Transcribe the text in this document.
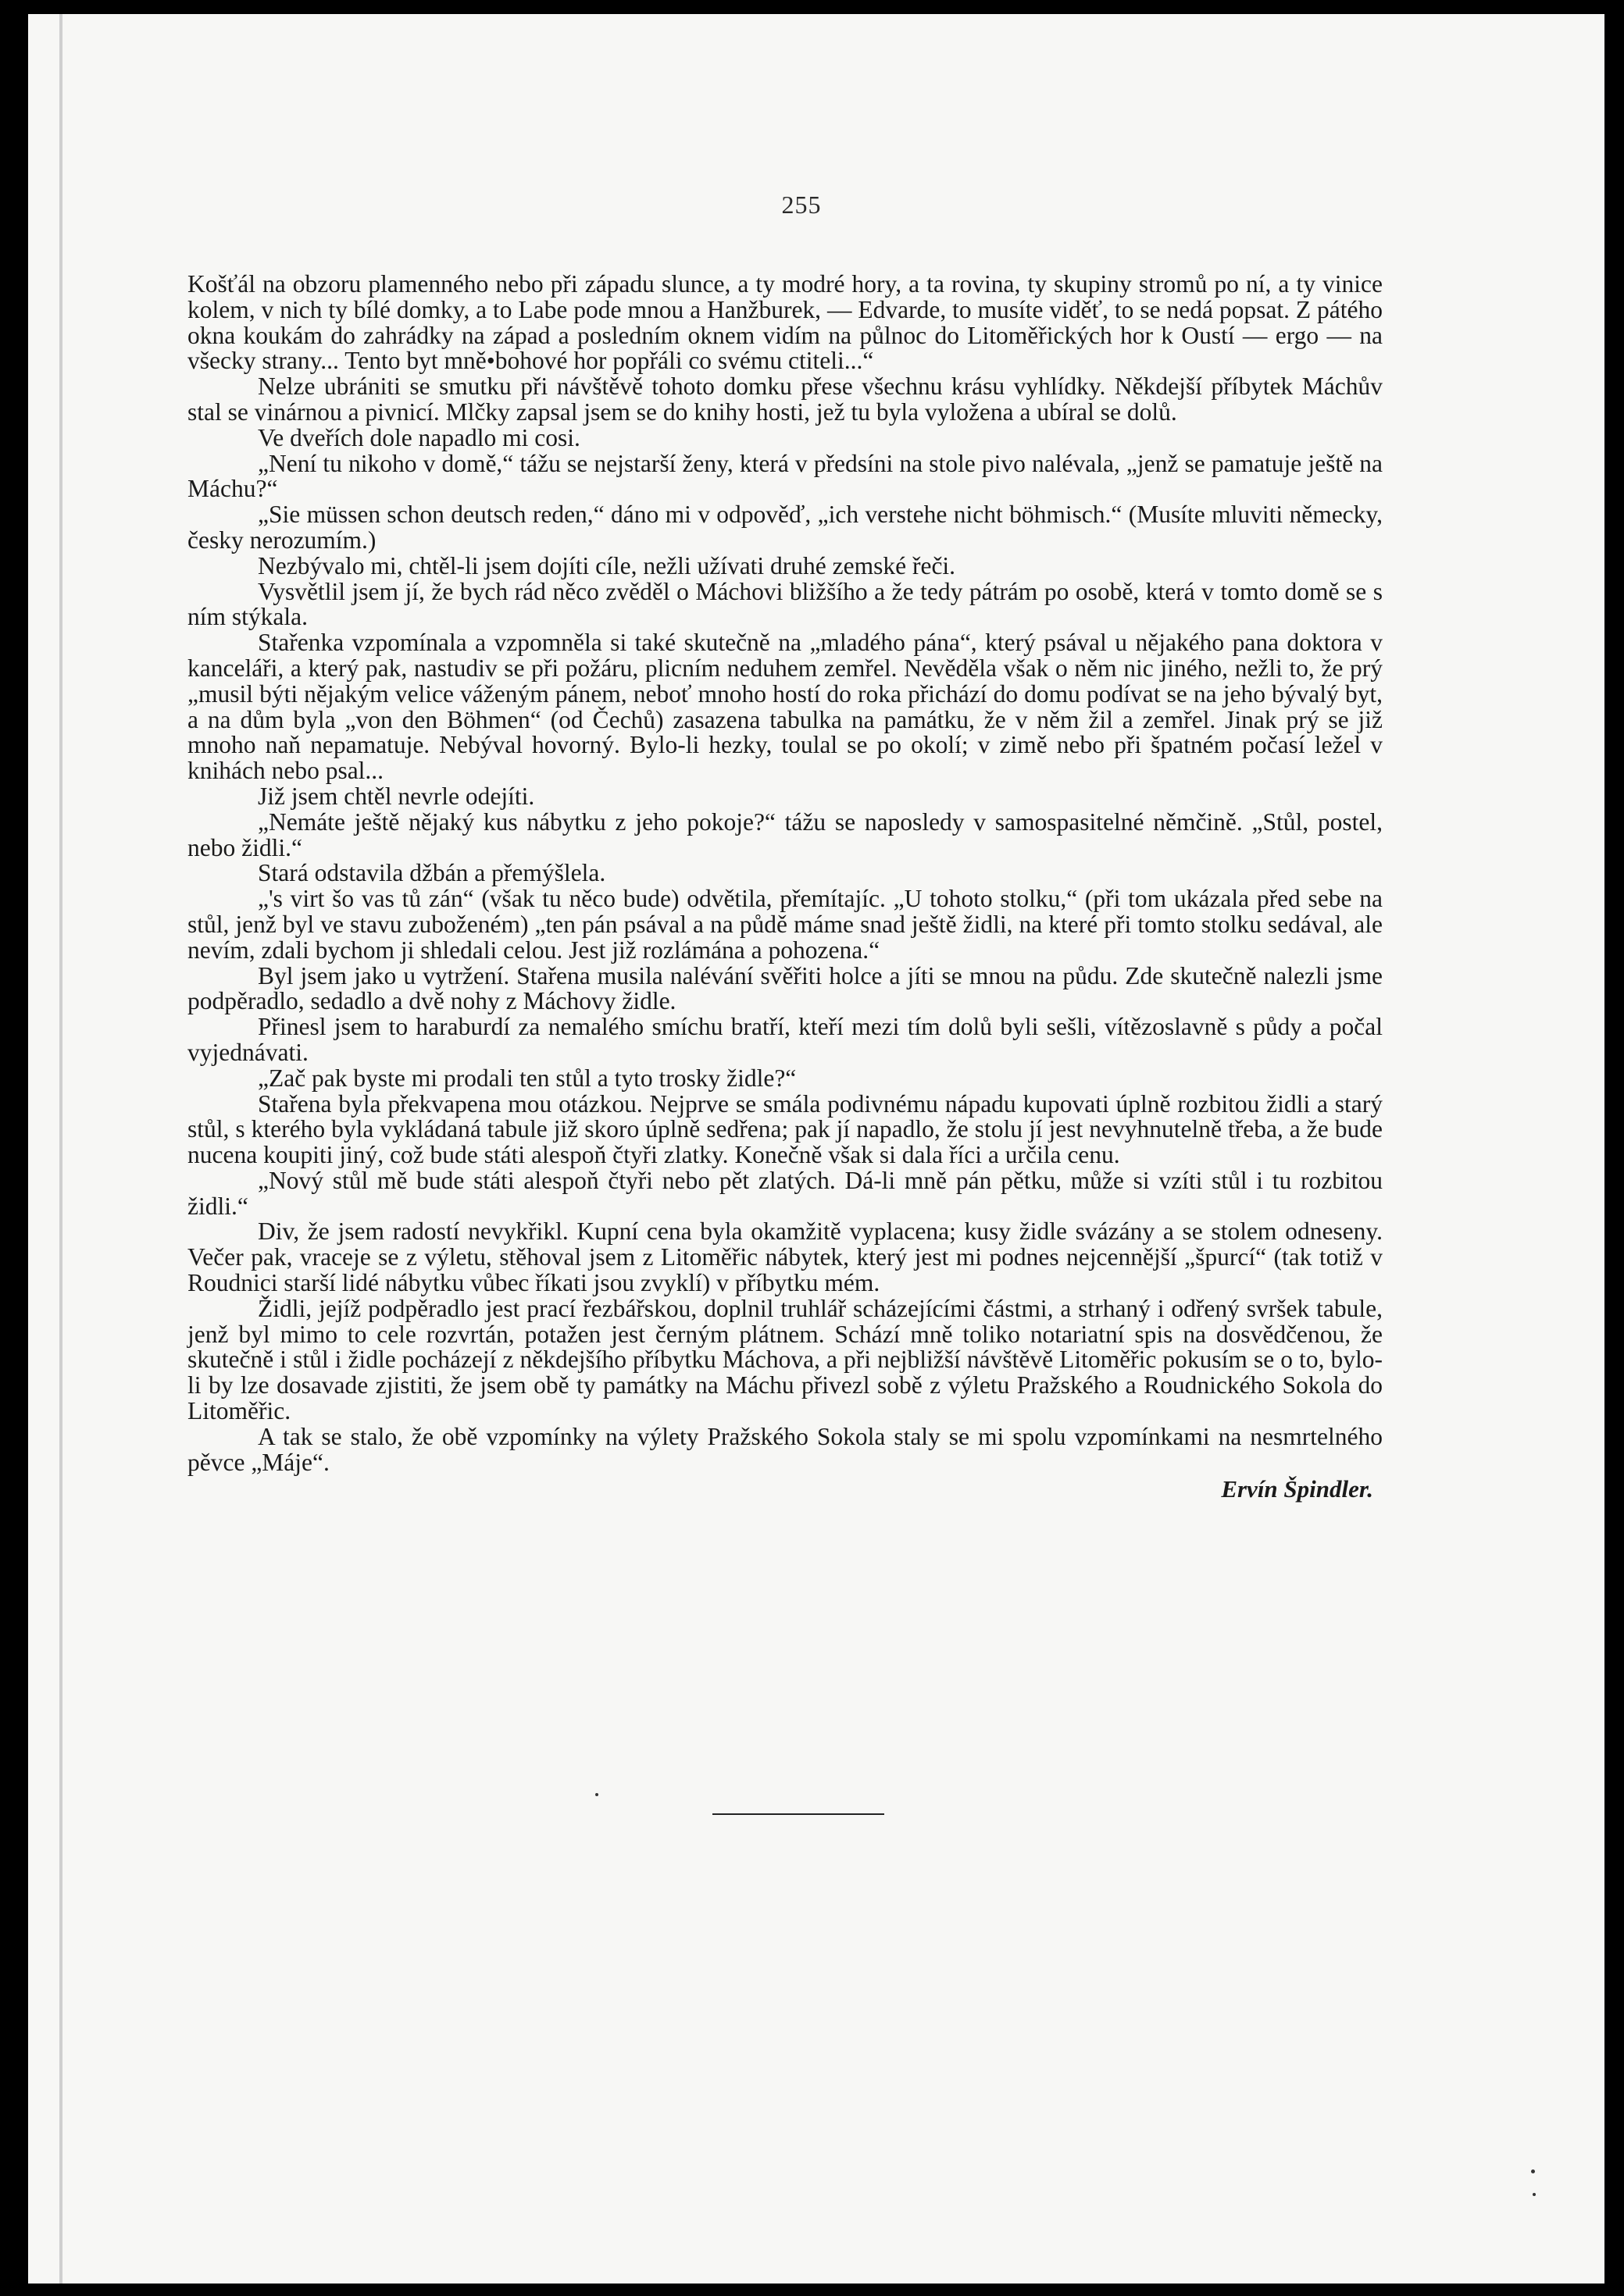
255

Košťál na obzoru plamenného nebo při západu slunce, a ty modré hory, a ta rovina, ty skupiny stromů po ní, a ty vinice kolem, v nich ty bílé domky, a to Labe pode mnou a Hanžburek, — Edvarde, to musíte viděť, to se nedá popsat. Z pátého okna koukám do zahrádky na západ a posledním oknem vidím na půlnoc do Litoměřických hor k Oustí — ergo — na všecky strany... Tento byt mně•bohové hor popřáli co svému ctiteli...“

Nelze ubrániti se smutku při návštěvě tohoto domku přese všechnu krásu vyhlídky. Někdejší příbytek Máchův stal se vinárnou a pivnicí. Mlčky zapsal jsem se do knihy hosti, jež tu byla vyložena a ubíral se dolů.

Ve dveřích dole napadlo mi cosi.

„Není tu nikoho v domě,“ tážu se nejstarší ženy, která v předsíni na stole pivo nalévala, „jenž se pamatuje ještě na Máchu?“

„Sie müssen schon deutsch reden,“ dáno mi v odpověď, „ich verstehe nicht böhmisch.“ (Musíte mluviti německy, česky nerozumím.)

Nezbývalo mi, chtěl-li jsem dojíti cíle, nežli užívati druhé zemské řeči.

Vysvětlil jsem jí, že bych rád něco zvěděl o Máchovi bližšího a že tedy pátrám po osobě, která v tomto domě se s ním stýkala.

Stařenka vzpomínala a vzpomněla si také skutečně na „mladého pána“, který psával u nějakého pana doktora v kanceláři, a který pak, nastudiv se při požáru, plicním neduhem zemřel. Nevěděla však o něm nic jiného, nežli to, že prý „musil býti nějakým velice váženým pánem, neboť mnoho hostí do roka přichází do domu podívat se na jeho bývalý byt, a na dům byla „von den Böhmen“ (od Čechů) zasazena tabulka na památku, že v něm žil a zemřel. Jinak prý se již mnoho naň nepamatuje. Nebýval hovorný. Bylo-li hezky, toulal se po okolí; v zimě nebo při špatném počasí ležel v knihách nebo psal...

Již jsem chtěl nevrle odejíti.

„Nemáte ještě nějaký kus nábytku z jeho pokoje?“ tážu se naposledy v samospasitelné němčině. „Stůl, postel, nebo židli.“

Stará odstavila džbán a přemýšlela.

„'s virt šo vas tů zán“ (však tu něco bude) odvětila, přemítajíc. „U tohoto stolku,“ (při tom ukázala před sebe na stůl, jenž byl ve stavu zuboženém) „ten pán psával a na půdě máme snad ještě židli, na které při tomto stolku sedával, ale nevím, zdali bychom ji shledali celou. Jest již rozlámána a pohozena.“

Byl jsem jako u vytržení. Stařena musila nalévání svěřiti holce a jíti se mnou na půdu. Zde skutečně nalezli jsme podpěradlo, sedadlo a dvě nohy z Máchovy židle.

Přinesl jsem to haraburdí za nemalého smíchu bratří, kteří mezi tím dolů byli sešli, vítězoslavně s půdy a počal vyjednávati.

„Zač pak byste mi prodali ten stůl a tyto trosky židle?“

Stařena byla překvapena mou otázkou. Nejprve se smála podivnému nápadu kupovati úplně rozbitou židli a starý stůl, s kterého byla vykládaná tabule již skoro úplně sedřena; pak jí napadlo, že stolu jí jest nevyhnutelně třeba, a že bude nucena koupiti jiný, což bude státi alespoň čtyři zlatky. Konečně však si dala říci a určila cenu.

„Nový stůl mě bude státi alespoň čtyři nebo pět zlatých. Dá-li mně pán pětku, může si vzíti stůl i tu rozbitou židli.“

Div, že jsem radostí nevykřikl. Kupní cena byla okamžitě vyplacena; kusy židle svázány a se stolem odneseny. Večer pak, vraceje se z výletu, stěhoval jsem z Litoměřic nábytek, který jest mi podnes nejcennější „špurcí“ (tak totiž v Roudnici starší lidé nábytku vůbec říkati jsou zvyklí) v příbytku mém.

Židli, jejíž podpěradlo jest prací řezbářskou, doplnil truhlář scházejícími částmi, a strhaný i odřený svršek tabule, jenž byl mimo to cele rozvrtán, potažen jest černým plátnem. Schází mně toliko notariatní spis na dosvědčenou, že skutečně i stůl i židle pocházejí z někdejšího příbytku Máchova, a při nejbližší návštěvě Litoměřic pokusím se o to, bylo-li by lze dosavade zjistiti, že jsem obě ty památky na Máchu přivezl sobě z výletu Pražského a Roudnického Sokola do Litoměřic.

A tak se stalo, že obě vzpomínky na výlety Pražského Sokola staly se mi spolu vzpomínkami na nesmrtelného pěvce „Máje“.

Ervín Špindler.
